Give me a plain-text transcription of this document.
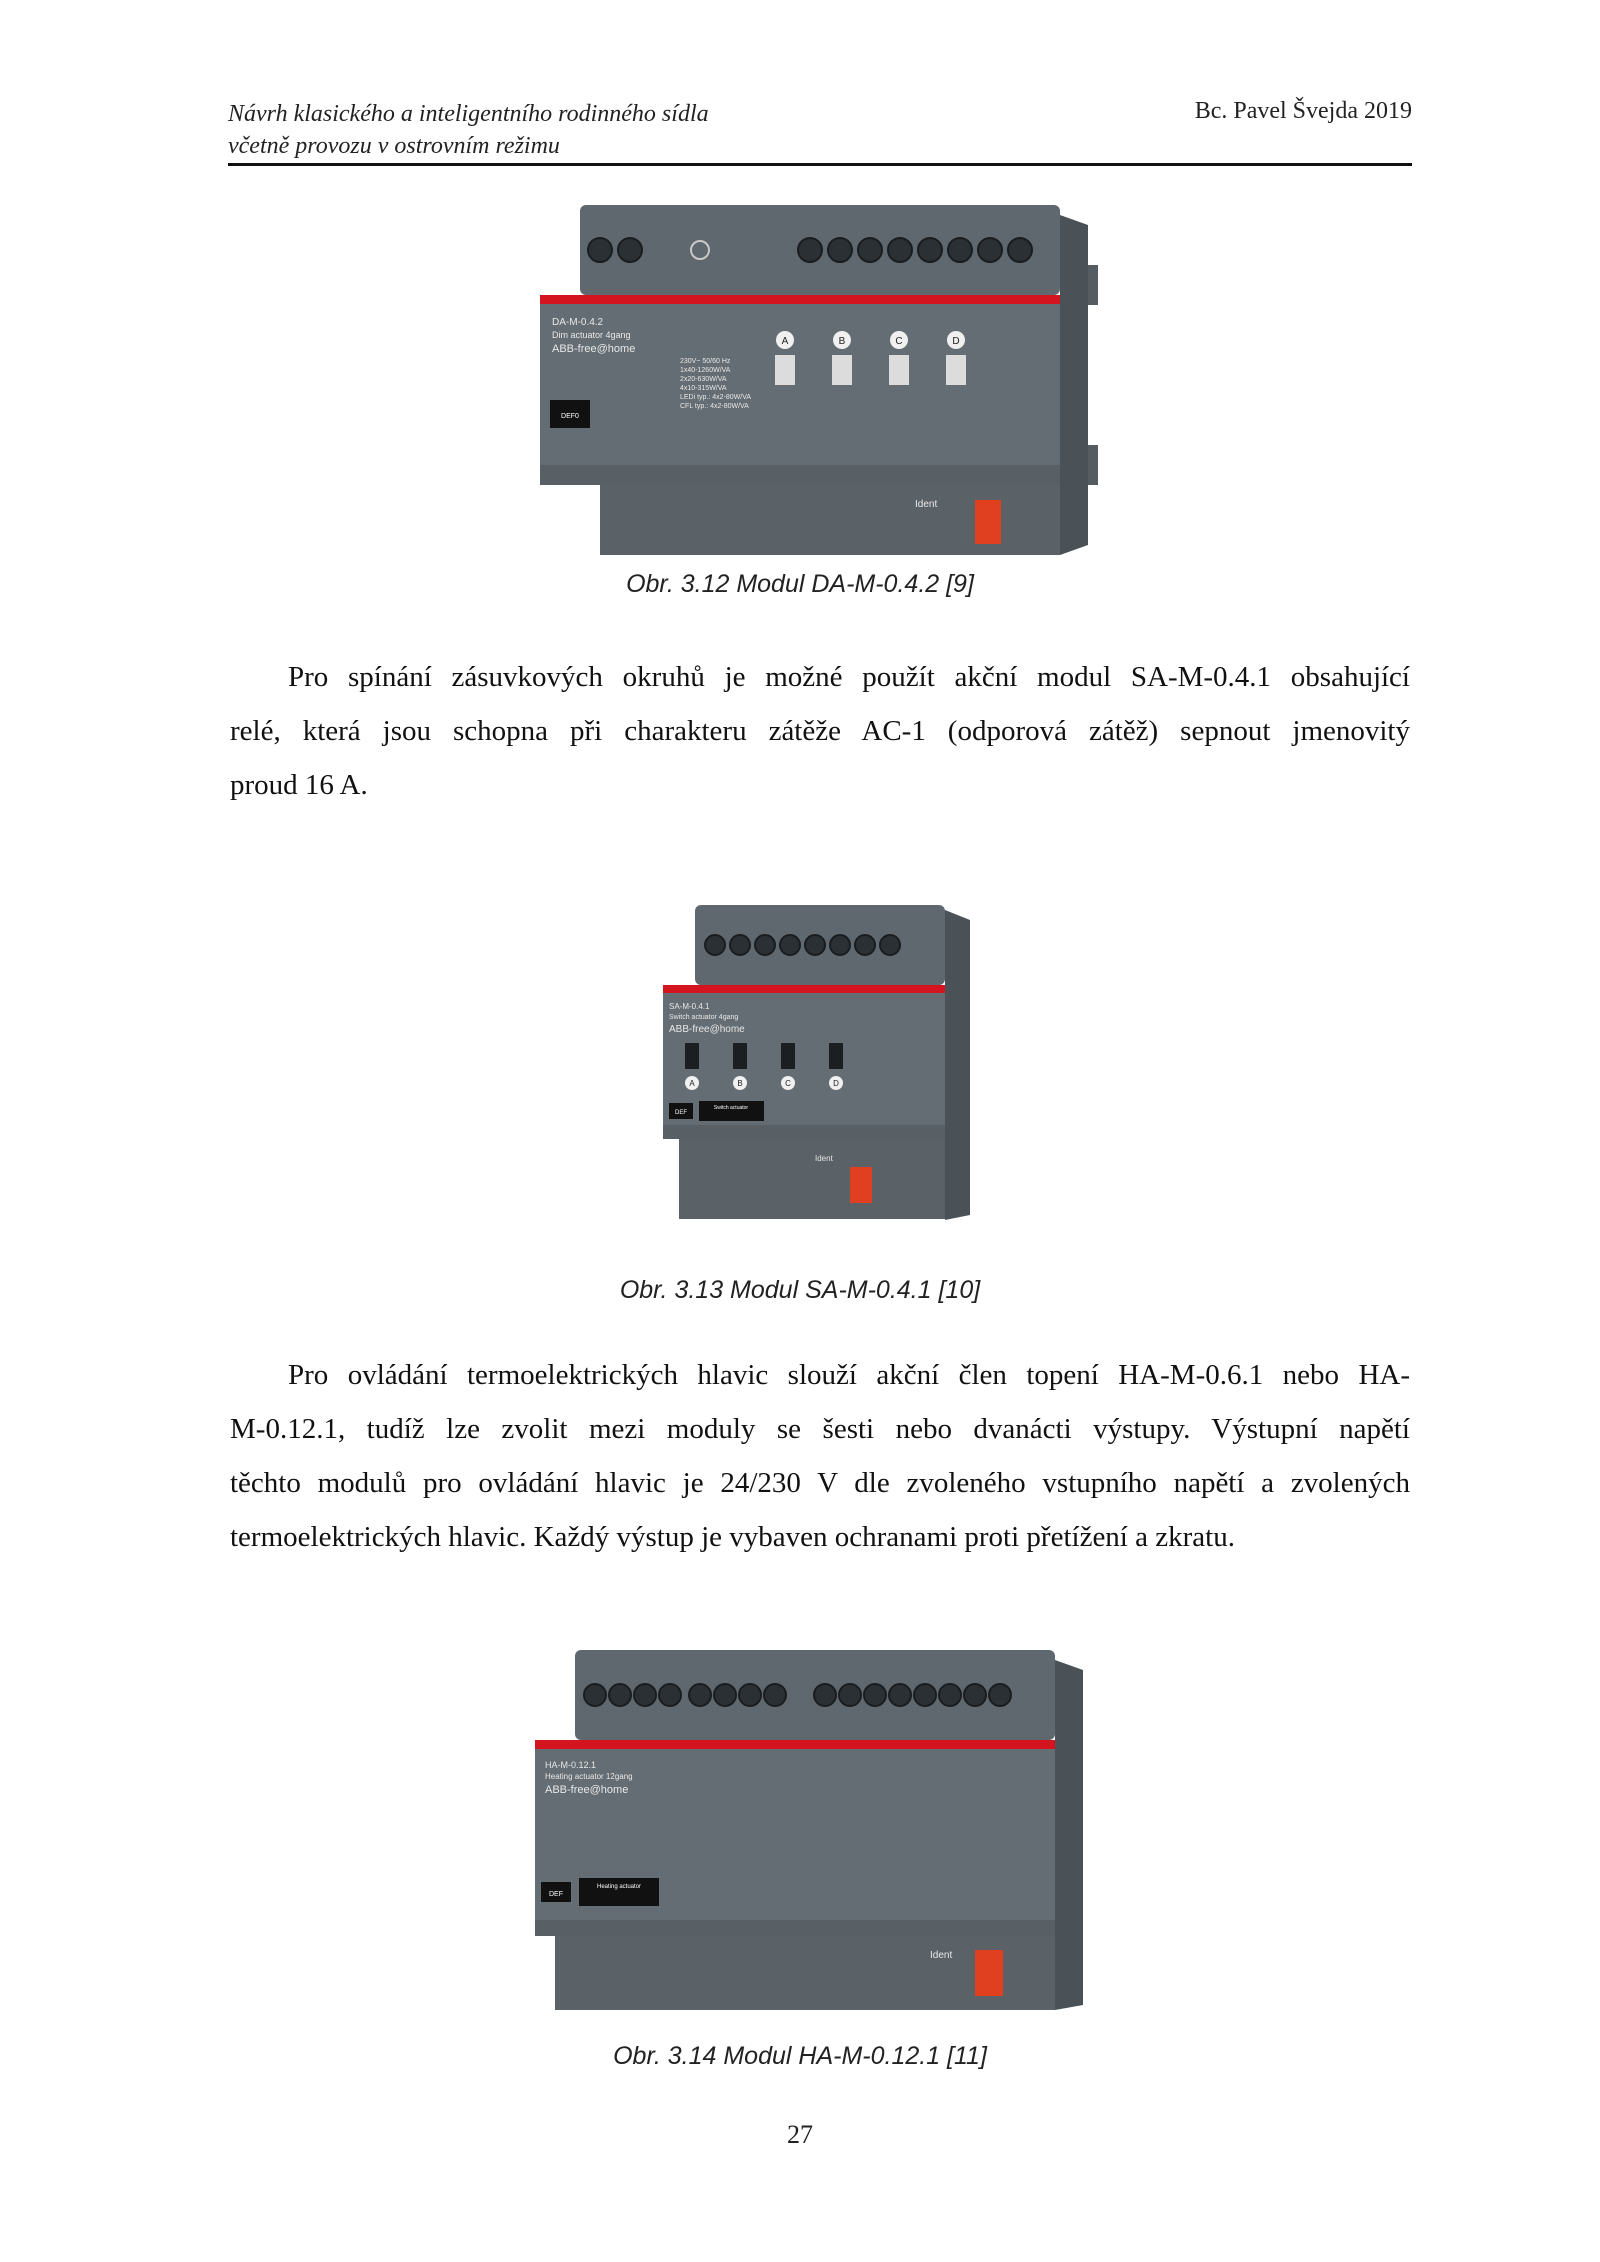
Návrh klasického a inteligentního rodinného sídla
včetně provozu v ostrovním režimu
Bc. Pavel Švejda 2019
DA-M-0.4.2
Dim actuator 4gang
ABB-free@home
230V~ 50/60 Hz
1x40-1260W/VA
2x20-630W/VA
4x10-315W/VA
LEDi typ.: 4x2-80W/VA
CFL typ.: 4x2-80W/VA
A	B	C	D
DEF0
Ident
Obr. 3.12 Modul DA-M-0.4.2 [9]
Pro spínání zásuvkových okruhů je možné použít akční modul SA-M-0.4.1 obsahující
relé, která jsou schopna při charakteru zátěže AC-1 (odporová zátěž) sepnout jmenovitý
proud 16 A.
SA-M-0.4.1
Switch actuator 4gang
ABB-free@home
A	B	C	D
DEF
Switch actuator
Ident
Obr. 3.13 Modul SA-M-0.4.1 [10]
Pro ovládání termoelektrických hlavic slouží akční člen topení HA-M-0.6.1 nebo HA-
M-0.12.1, tudíž lze zvolit mezi moduly se šesti nebo dvanácti výstupy. Výstupní napětí
těchto modulů pro ovládání hlavic je 24/230 V dle zvoleného vstupního napětí a zvolených
termoelektrických hlavic. Každý výstup je vybaven ochranami proti přetížení a zkratu.
HA-M-0.12.1
Heating actuator 12gang
ABB-free@home
DEF
Heating actuator
Ident
Obr. 3.14 Modul HA-M-0.12.1 [11]
27
